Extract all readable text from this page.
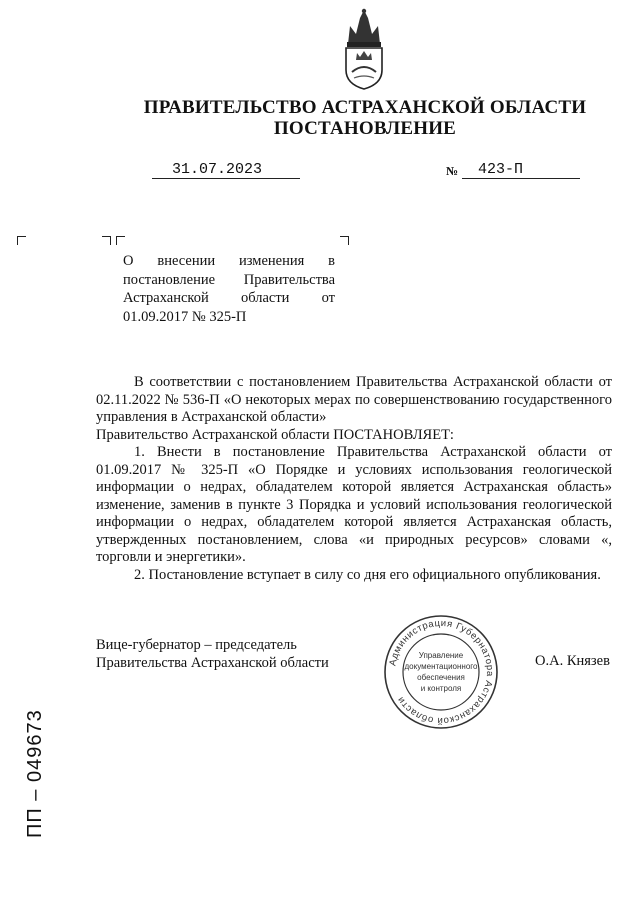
ПРАВИТЕЛЬСТВО АСТРАХАНСКОЙ ОБЛАСТИ
ПОСТАНОВЛЕНИЕ
31.07.2023	№ 423-П
О внесении изменения в постановление Правительства Астраханской области от 01.09.2017 № 325-П

В соответствии с постановлением Правительства Астраханской области от 02.11.2022 № 536-П «О некоторых мерах по совершенствованию государственного управления в Астраханской области»

Правительство Астраханской области ПОСТАНОВЛЯЕТ:

1. Внести в постановление Правительства Астраханской области от 01.09.2017 № 325-П «О Порядке и условиях использования геологической информации о недрах, обладателем которой является Астраханская область» изменение, заменив в пункте 3 Порядка и условий использования геологической информации о недрах, обладателем которой является Астраханская область, утвержденных постановлением, слова «и природных ресурсов» словами «, торговли и энергетики».

2. Постановление вступает в силу со дня его официального опубликования.

Вице-губернатор – председатель
Правительства Астраханской области	Администрация Губернатора Астраханской области
Управление
документационного
обеспечения
и контроля
О.А. Князев
ПП – 049673
